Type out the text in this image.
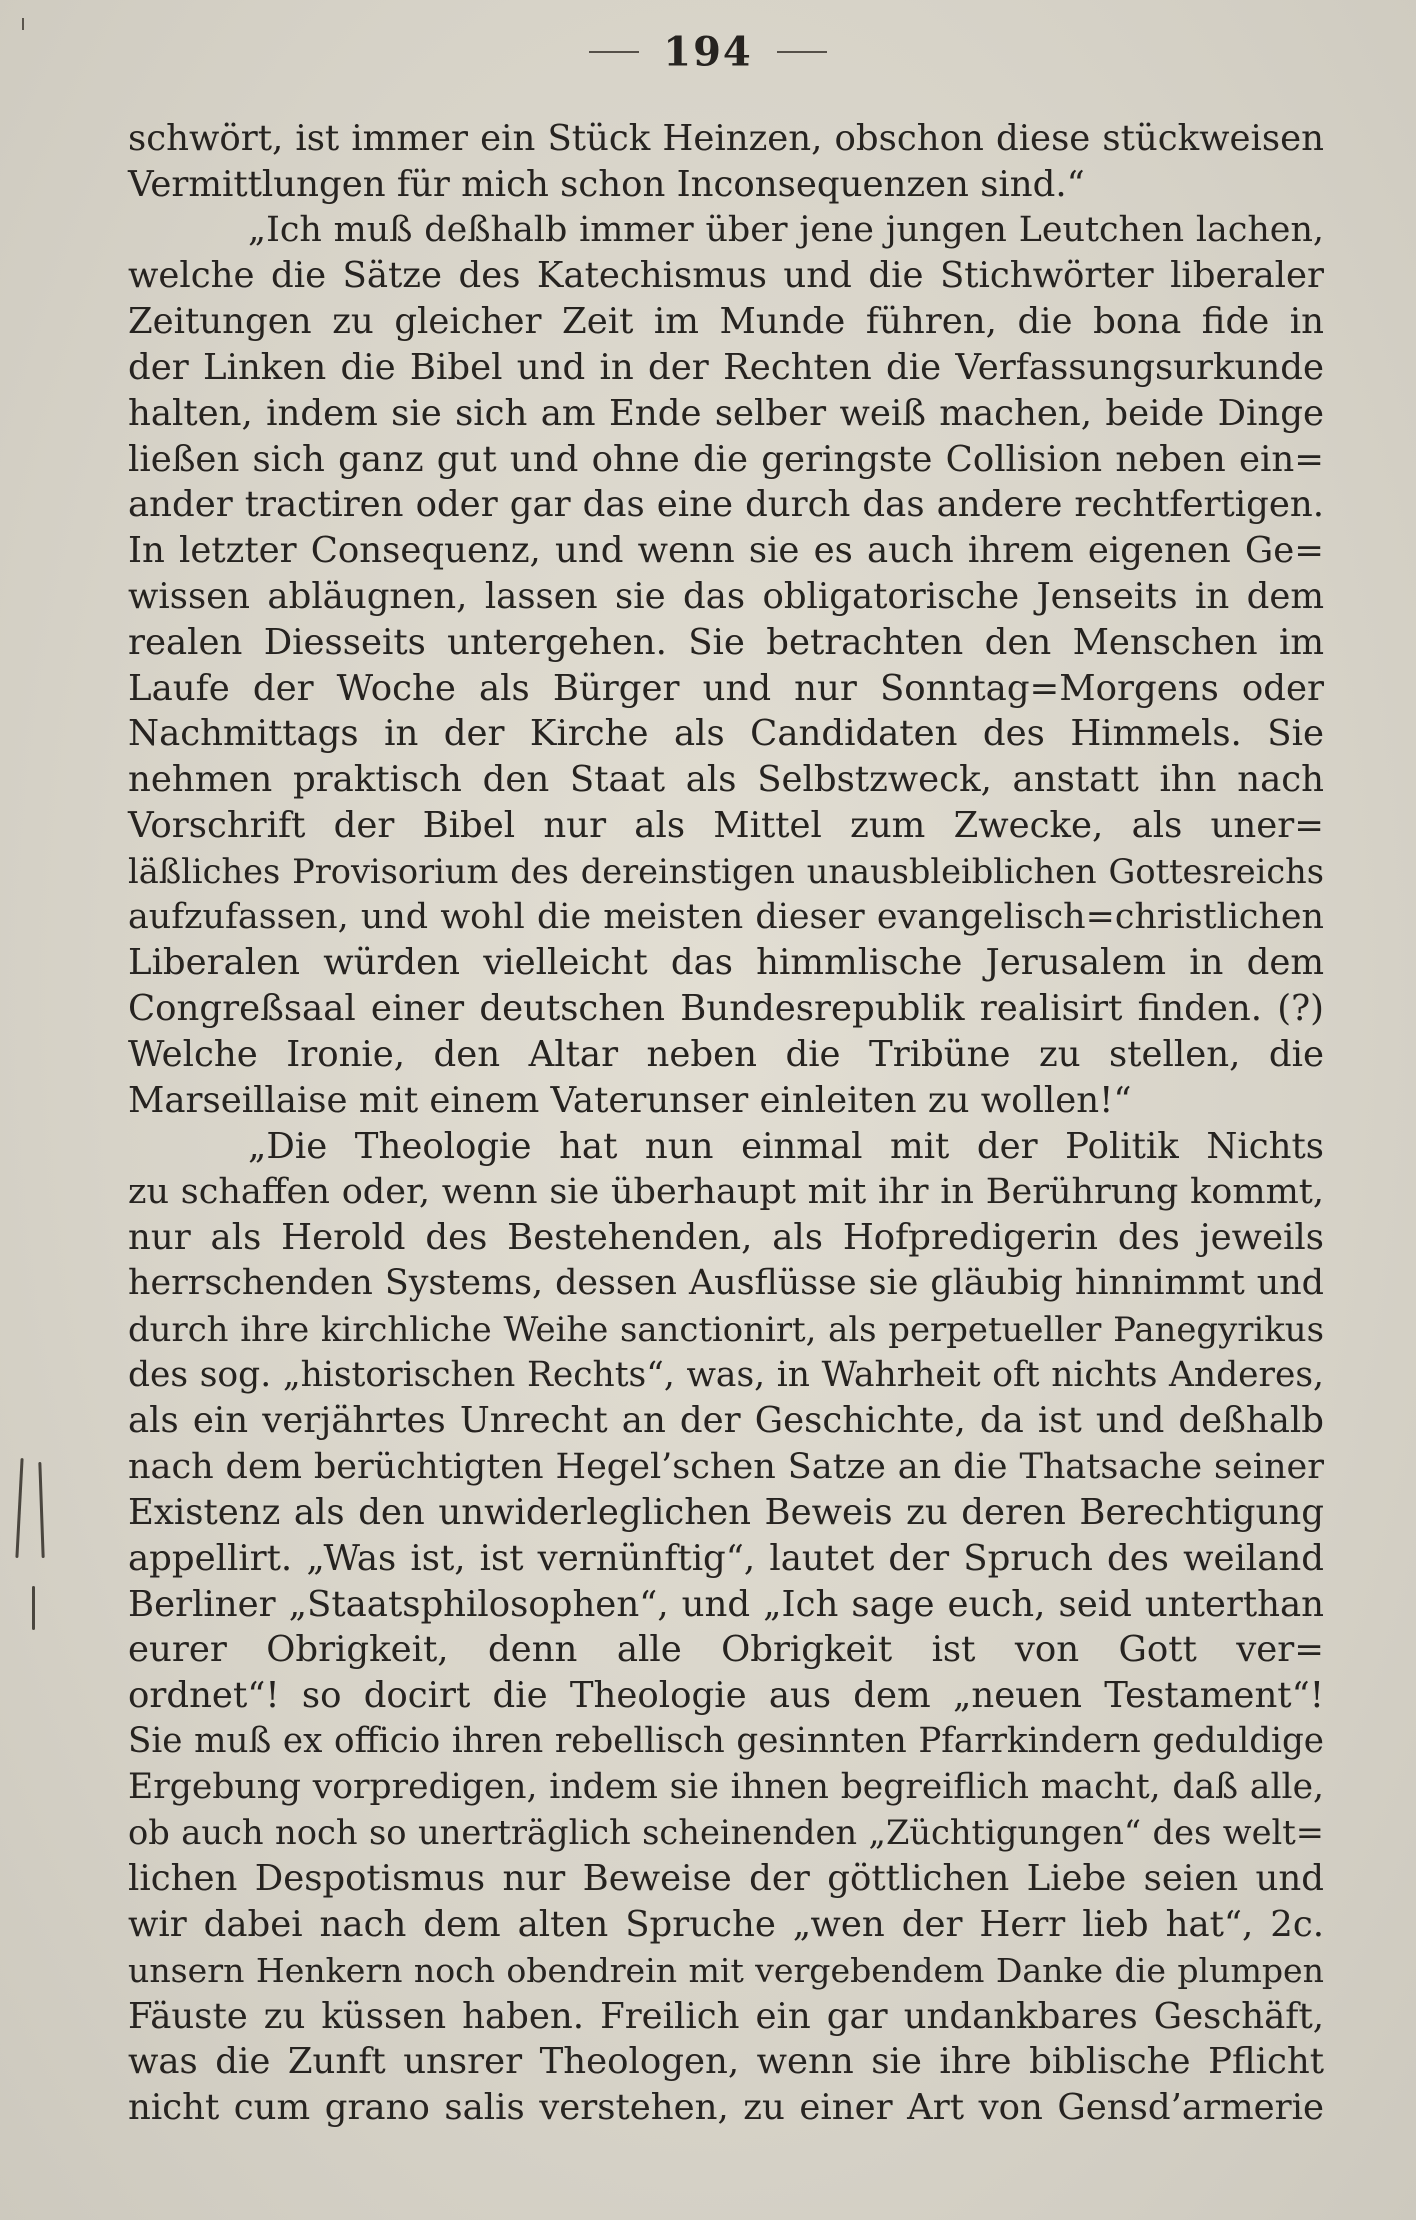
194
schwört, ist immer ein Stück Heinzen, obschon diese stückweisen
Vermittlungen für mich schon Inconsequenzen sind.“
„Ich muß deßhalb immer über jene jungen Leutchen lachen,
welche die Sätze des Katechismus und die Stichwörter liberaler
Zeitungen zu gleicher Zeit im Munde führen, die bona fide in
der Linken die Bibel und in der Rechten die Verfassungsurkunde
halten, indem sie sich am Ende selber weiß machen, beide Dinge
ließen sich ganz gut und ohne die geringste Collision neben ein=
ander tractiren oder gar das eine durch das andere rechtfertigen.
In letzter Consequenz, und wenn sie es auch ihrem eigenen Ge=
wissen abläugnen, lassen sie das obligatorische Jenseits in dem
realen Diesseits untergehen. Sie betrachten den Menschen im
Laufe der Woche als Bürger und nur Sonntag=Morgens oder
Nachmittags in der Kirche als Candidaten des Himmels. Sie
nehmen praktisch den Staat als Selbstzweck, anstatt ihn nach
Vorschrift der Bibel nur als Mittel zum Zwecke, als uner=
läßliches Provisorium des dereinstigen unausbleiblichen Gottesreichs
aufzufassen, und wohl die meisten dieser evangelisch=christlichen
Liberalen würden vielleicht das himmlische Jerusalem in dem
Congreßsaal einer deutschen Bundesrepublik realisirt finden. (?)
Welche Ironie, den Altar neben die Tribüne zu stellen, die
Marseillaise mit einem Vaterunser einleiten zu wollen!“
„Die Theologie hat nun einmal mit der Politik Nichts
zu schaffen oder, wenn sie überhaupt mit ihr in Berührung kommt,
nur als Herold des Bestehenden, als Hofpredigerin des jeweils
herrschenden Systems, dessen Ausflüsse sie gläubig hinnimmt und
durch ihre kirchliche Weihe sanctionirt, als perpetueller Panegyrikus
des sog. „historischen Rechts“, was, in Wahrheit oft nichts Anderes,
als ein verjährtes Unrecht an der Geschichte, da ist und deßhalb
nach dem berüchtigten Hegel’schen Satze an die Thatsache seiner
Existenz als den unwiderleglichen Beweis zu deren Berechtigung
appellirt. „Was ist, ist vernünftig“, lautet der Spruch des weiland
Berliner „Staatsphilosophen“, und „Ich sage euch, seid unterthan
eurer Obrigkeit, denn alle Obrigkeit ist von Gott ver=
ordnet“! so docirt die Theologie aus dem „neuen Testament“!
Sie muß ex officio ihren rebellisch gesinnten Pfarrkindern geduldige
Ergebung vorpredigen, indem sie ihnen begreiflich macht, daß alle,
ob auch noch so unerträglich scheinenden „Züchtigungen“ des welt=
lichen Despotismus nur Beweise der göttlichen Liebe seien und
wir dabei nach dem alten Spruche „wen der Herr lieb hat“, 2c.
unsern Henkern noch obendrein mit vergebendem Danke die plumpen
Fäuste zu küssen haben. Freilich ein gar undankbares Geschäft,
was die Zunft unsrer Theologen, wenn sie ihre biblische Pflicht
nicht cum grano salis verstehen, zu einer Art von Gensd’armerie
